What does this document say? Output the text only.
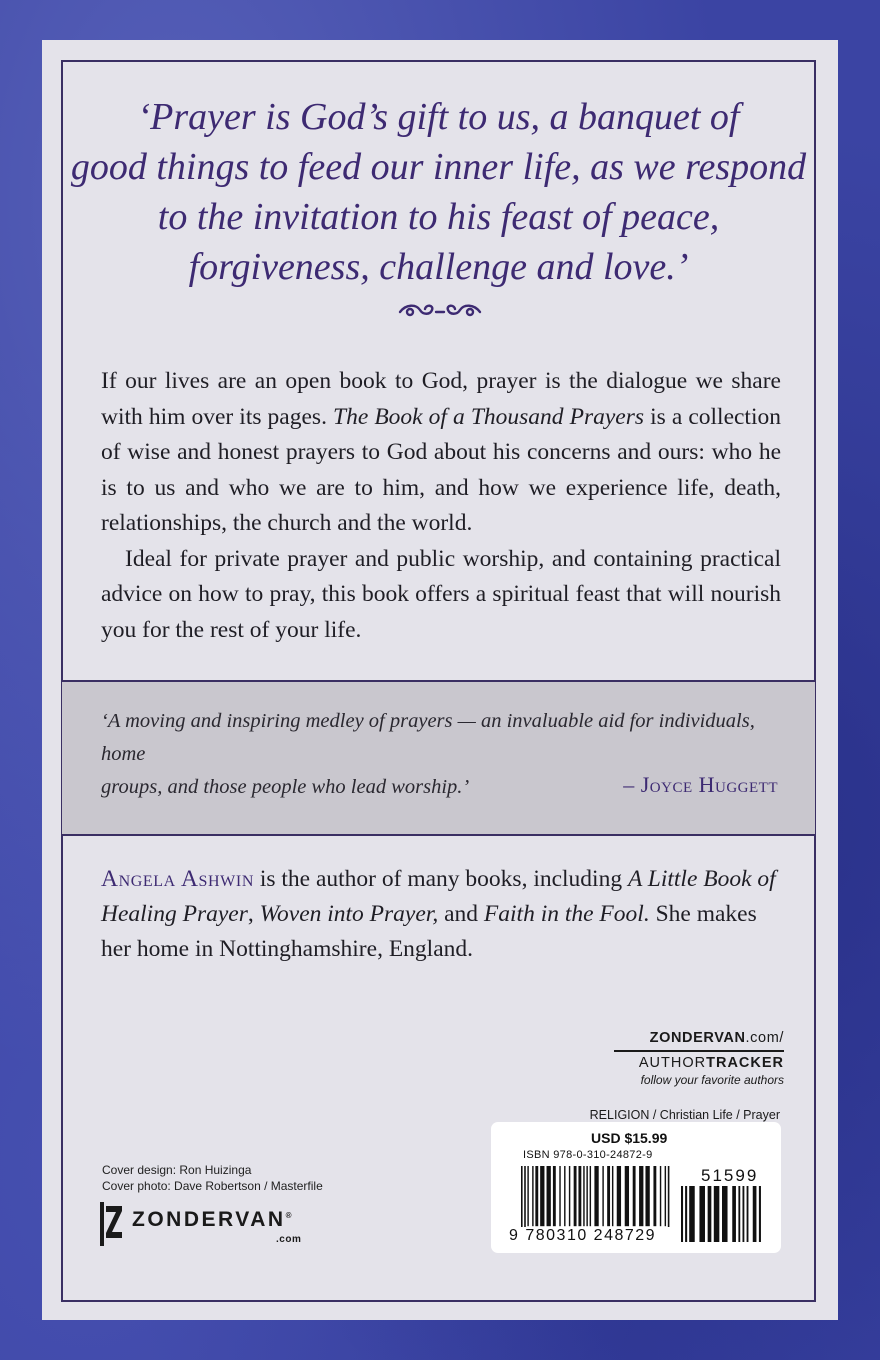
‘Prayer is God’s gift to us, a banquet of
good things to feed our inner life, as we respond
to the invitation to his feast of peace,
forgiveness, challenge and love.’

If our lives are an open book to God, prayer is the dialogue we share with him over its pages. The Book of a Thousand Prayers is a collection of wise and honest prayers to God about his concerns and ours: who he is to us and who we are to him, and how we experience life, death, relationships, the church and the world.

Ideal for private prayer and public worship, and containing practical advice on how to pray, this book offers a spiritual feast that will nourish you for the rest of your life.

‘A moving and inspiring medley of prayers — an invaluable aid for individuals, home

groups, and those people who lead worship.’	– Joyce Huggett

Angela Ashwin is the author of many books, including A Little Book of Healing Prayer, Woven into Prayer, and Faith in the Fool. She makes her home in Nottinghamshire, England.

ZONDERVAN.com/
AUTHORTRACKER
follow your favorite authors
RELIGION / Christian Life / Prayer
USD $15.99
ISBN 978-0-310-24872-9
9 780310 248729
51599

Cover design: Ron Huizinga

Cover photo: Dave Robertson / Masterfile

ZONDERVAN®
.com
